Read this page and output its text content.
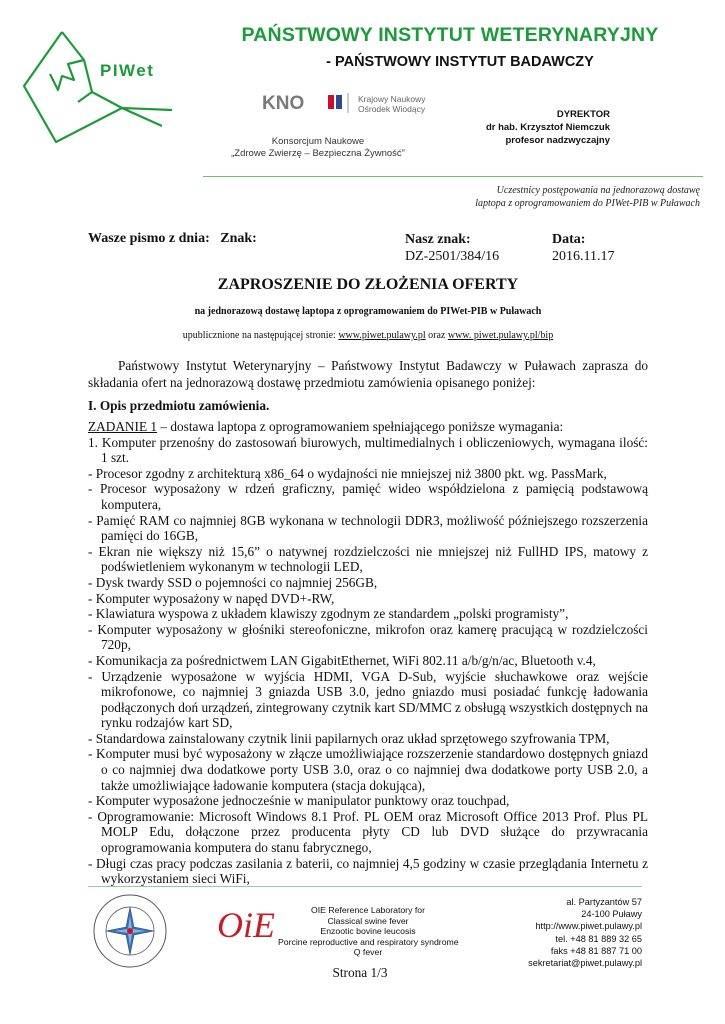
PIWet
PAŃSTWOWY INSTYTUT WETERYNARYJNY
- PAŃSTWOWY INSTYTUT BADAWCZY
KNO	Krajowy Naukowy
Ośrodek Wiodący
Konsorcjum Naukowe
„Zdrowe Zwierzę – Bezpieczna Żywność”
DYREKTOR
dr hab. Krzysztof Niemczuk
profesor nadzwyczajny
Uczestnicy postępowania na jednorazową dostawę
laptopa z oprogramowaniem do PIWet-PIB w Puławach
Wasze pismo z dnia: Znak:	Nasz znak:
DZ-2501/384/16
Data:
2016.11.17
ZAPROSZENIE DO ZŁOŻENIA OFERTY
na jednorazową dostawę laptopa z oprogramowaniem do PIWet-PIB w Puławach
upublicznione na następującej stronie: www.piwet.pulawy.pl oraz www. piwet.pulawy.pl/bip
Państwowy Instytut Weterynaryjny – Państwowy Instytut Badawczy w Puławach zaprasza do składania ofert na jednorazową dostawę przedmiotu zamówienia opisanego poniżej:
I. Opis przedmiotu zamówienia.
ZADANIE 1 – dostawa laptopa z oprogramowaniem spełniającego poniższe wymagania:
1. Komputer przenośny do zastosowań biurowych, multimedialnych i obliczeniowych, wymagana ilość: 1 szt.
- Procesor zgodny z architekturą x86_64 o wydajności nie mniejszej niż 3800 pkt. wg. PassMark,
- Procesor wyposażony w rdzeń graficzny, pamięć wideo współdzielona z pamięcią podstawową komputera,
- Pamięć RAM co najmniej 8GB wykonana w technologii DDR3, możliwość późniejszego rozszerzenia pamięci do 16GB,
- Ekran nie większy niż 15,6” o natywnej rozdzielczości nie mniejszej niż FullHD IPS, matowy z podświetleniem wykonanym w technologii LED,
- Dysk twardy SSD o pojemności co najmniej 256GB,
- Komputer wyposażony w napęd DVD+-RW,
- Klawiatura wyspowa z układem klawiszy zgodnym ze standardem „polski programisty”,
- Komputer wyposażony w głośniki stereofoniczne, mikrofon oraz kamerę pracującą w rozdzielczości 720p,
- Komunikacja za pośrednictwem LAN GigabitEthernet, WiFi 802.11 a/b/g/n/ac, Bluetooth v.4,
- Urządzenie wyposażone w wyjścia HDMI, VGA D-Sub, wyjście słuchawkowe oraz wejście mikrofonowe, co najmniej 3 gniazda USB 3.0, jedno gniazdo musi posiadać funkcję ładowania podłączonych doń urządzeń, zintegrowany czytnik kart SD/MMC z obsługą wszystkich dostępnych na rynku rodzajów kart SD,
- Standardowa zainstalowany czytnik linii papilarnych oraz układ sprzętowego szyfrowania TPM,
- Komputer musi być wyposażony w złącze umożliwiające rozszerzenie standardowo dostępnych gniazd o co najmniej dwa dodatkowe porty USB 3.0, oraz o co najmniej dwa dodatkowe porty USB 2.0, a także umożliwiające ładowanie komputera (stacja dokująca),
- Komputer wyposażone jednocześnie w manipulator punktowy oraz touchpad,
- Oprogramowanie: Microsoft Windows 8.1 Prof. PL OEM oraz Microsoft Office 2013 Prof. Plus PL MOLP Edu, dołączone przez producenta płyty CD lub DVD służące do przywracania oprogramowania komputera do stanu fabrycznego,
- Długi czas pracy podczas zasilania z baterii, co najmniej 4,5 godziny w czasie przeglądania Internetu z wykorzystaniem sieci WiFi,
OiE	OIE Reference Laboratory for
Classical swine fever
Enzootic bovine leucosis
Porcine reproductive and respiratory syndrome
Q fever
al. Partyzantów 57
24-100 Puławy
http://www.piwet.pulawy.pl
tel. +48 81 889 32 65
faks +48 81 887 71 00
sekretariat@piwet.pulawy.pl
Strona 1/3
